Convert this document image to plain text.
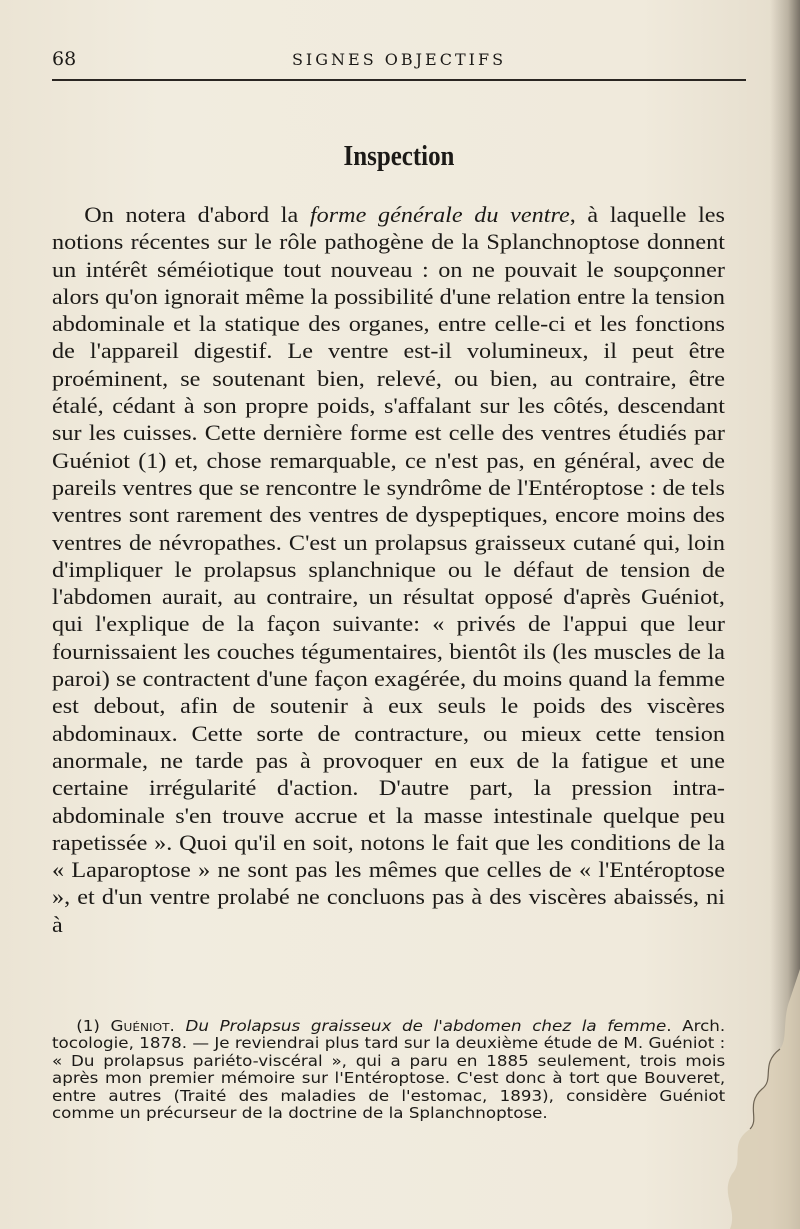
68	SIGNES OBJECTIFS
Inspection

On notera d'abord la forme générale du ventre, à laquelle les notions récentes sur le rôle pathogène de la Splanchnoptose donnent un intérêt séméiotique tout nouveau : on ne pouvait le soupçonner alors qu'on ignorait même la possibilité d'une relation entre la tension abdominale et la statique des organes, entre celle-ci et les fonctions de l'appareil digestif. Le ventre est-il volumineux, il peut être proéminent, se soutenant bien, relevé, ou bien, au contraire, être étalé, cédant à son propre poids, s'affalant sur les côtés, descendant sur les cuisses. Cette dernière forme est celle des ventres étudiés par Guéniot (1) et, chose remarquable, ce n'est pas, en général, avec de pareils ventres que se rencontre le syndrôme de l'Entéroptose : de tels ventres sont rarement des ventres de dyspeptiques, encore moins des ventres de névropathes. C'est un prolapsus graisseux cutané qui, loin d'impliquer le prolapsus splanchnique ou le défaut de tension de l'abdomen aurait, au contraire, un résultat opposé d'après Guéniot, qui l'explique de la façon suivante: « privés de l'appui que leur fournissaient les couches tégumentaires, bientôt ils (les muscles de la paroi) se contractent d'une façon exagérée, du moins quand la femme est debout, afin de soutenir à eux seuls le poids des viscères abdominaux. Cette sorte de contracture, ou mieux cette tension anormale, ne tarde pas à provoquer en eux de la fatigue et une certaine irrégularité d'action. D'autre part, la pression intra-abdominale s'en trouve accrue et la masse intestinale quelque peu rapetissée ». Quoi qu'il en soit, notons le fait que les conditions de la « Laparoptose » ne sont pas les mêmes que celles de « l'Entéroptose », et d'un ventre prolabé ne concluons pas à des viscères abaissés, ni à

(1) Guéniot. Du Prolapsus graisseux de l'abdomen chez la femme. Arch. tocologie, 1878. — Je reviendrai plus tard sur la deuxième étude de M. Guéniot : « Du prolapsus pariéto-viscéral », qui a paru en 1885 seulement, trois mois après mon premier mémoire sur l'Entéroptose. C'est donc à tort que Bouveret, entre autres (Traité des maladies de l'estomac, 1893), considère Guéniot comme un précurseur de la doctrine de la Splanchnoptose.
